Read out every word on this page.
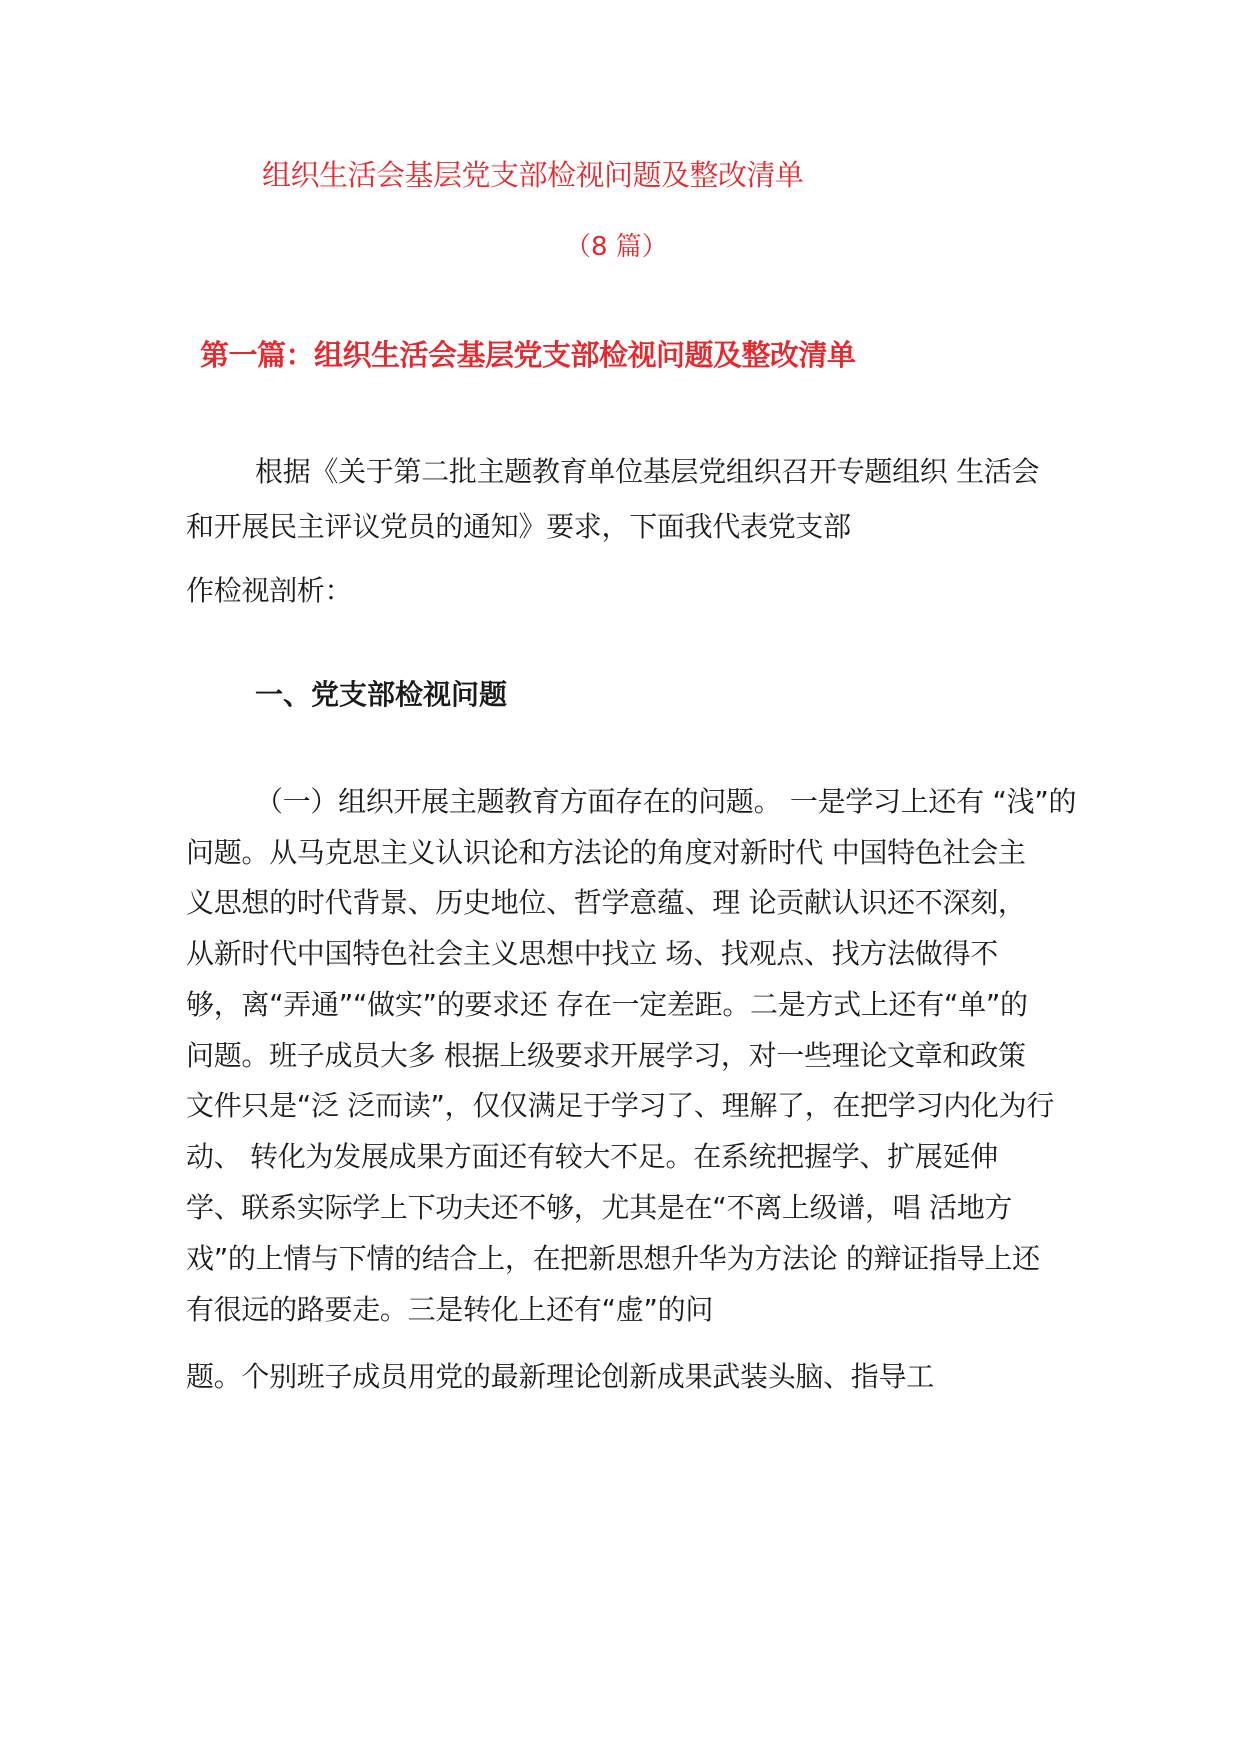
组织生活会基层党支部检视问题及整改清单

（8 篇）

第一篇：组织生活会基层党支部检视问题及整改清单

根据《关于第二批主题教育单位基层党组织召开专题组织 生活会

和开展民主评议党员的通知》要求，下面我代表党支部

作检视剖析：

一、党支部检视问题

（一）组织开展主题教育方面存在的问题。 一是学习上还有 “浅”的

问题。从马克思主义认识论和方法论的角度对新时代 中国特色社会主

义思想的时代背景、历史地位、哲学意蕴、理 论贡献认识还不深刻，

从新时代中国特色社会主义思想中找立 场、找观点、找方法做得不

够，离“弄通”“做实”的要求还 存在一定差距。二是方式上还有“单”的

问题。班子成员大多 根据上级要求开展学习，对一些理论文章和政策

文件只是“泛 泛而读”，仅仅满足于学习了、理解了，在把学习内化为行

动、 转化为发展成果方面还有较大不足。在系统把握学、扩展延伸

学、联系实际学上下功夫还不够，尤其是在“不离上级谱，唱 活地方

戏”的上情与下情的结合上，在把新思想升华为方法论 的辩证指导上还

有很远的路要走。三是转化上还有“虚”的问

题。个别班子成员用党的最新理论创新成果武装头脑、指导工
